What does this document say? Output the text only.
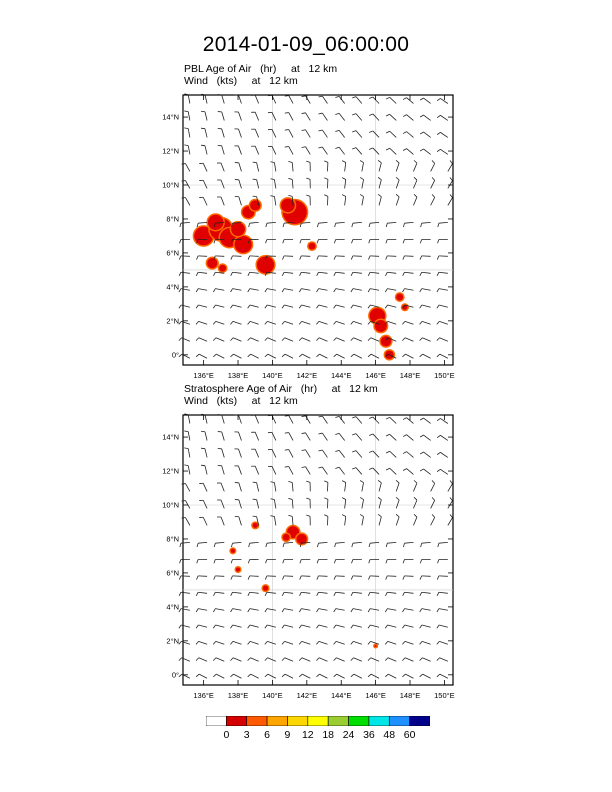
2014-01-09_06:00:00
PBL Age of Air   (hr)     at   12 km
Wind   (kts)     at   12 km
Stratosphere Age of Air   (hr)     at   12 km
Wind   (kts)     at   12 km
136°E 138°E 140°E 142°E 144°E 146°E 148°E 150°E
0°
2°N
4°N
6°N
8°N
10°N
12°N
14°N
136°E 138°E 140°E 142°E 144°E 146°E 148°E 150°E
0°
2°N
4°N
6°N
8°N
10°N
12°N
14°N
0	3	6	9	12 18 24 36 48 60
